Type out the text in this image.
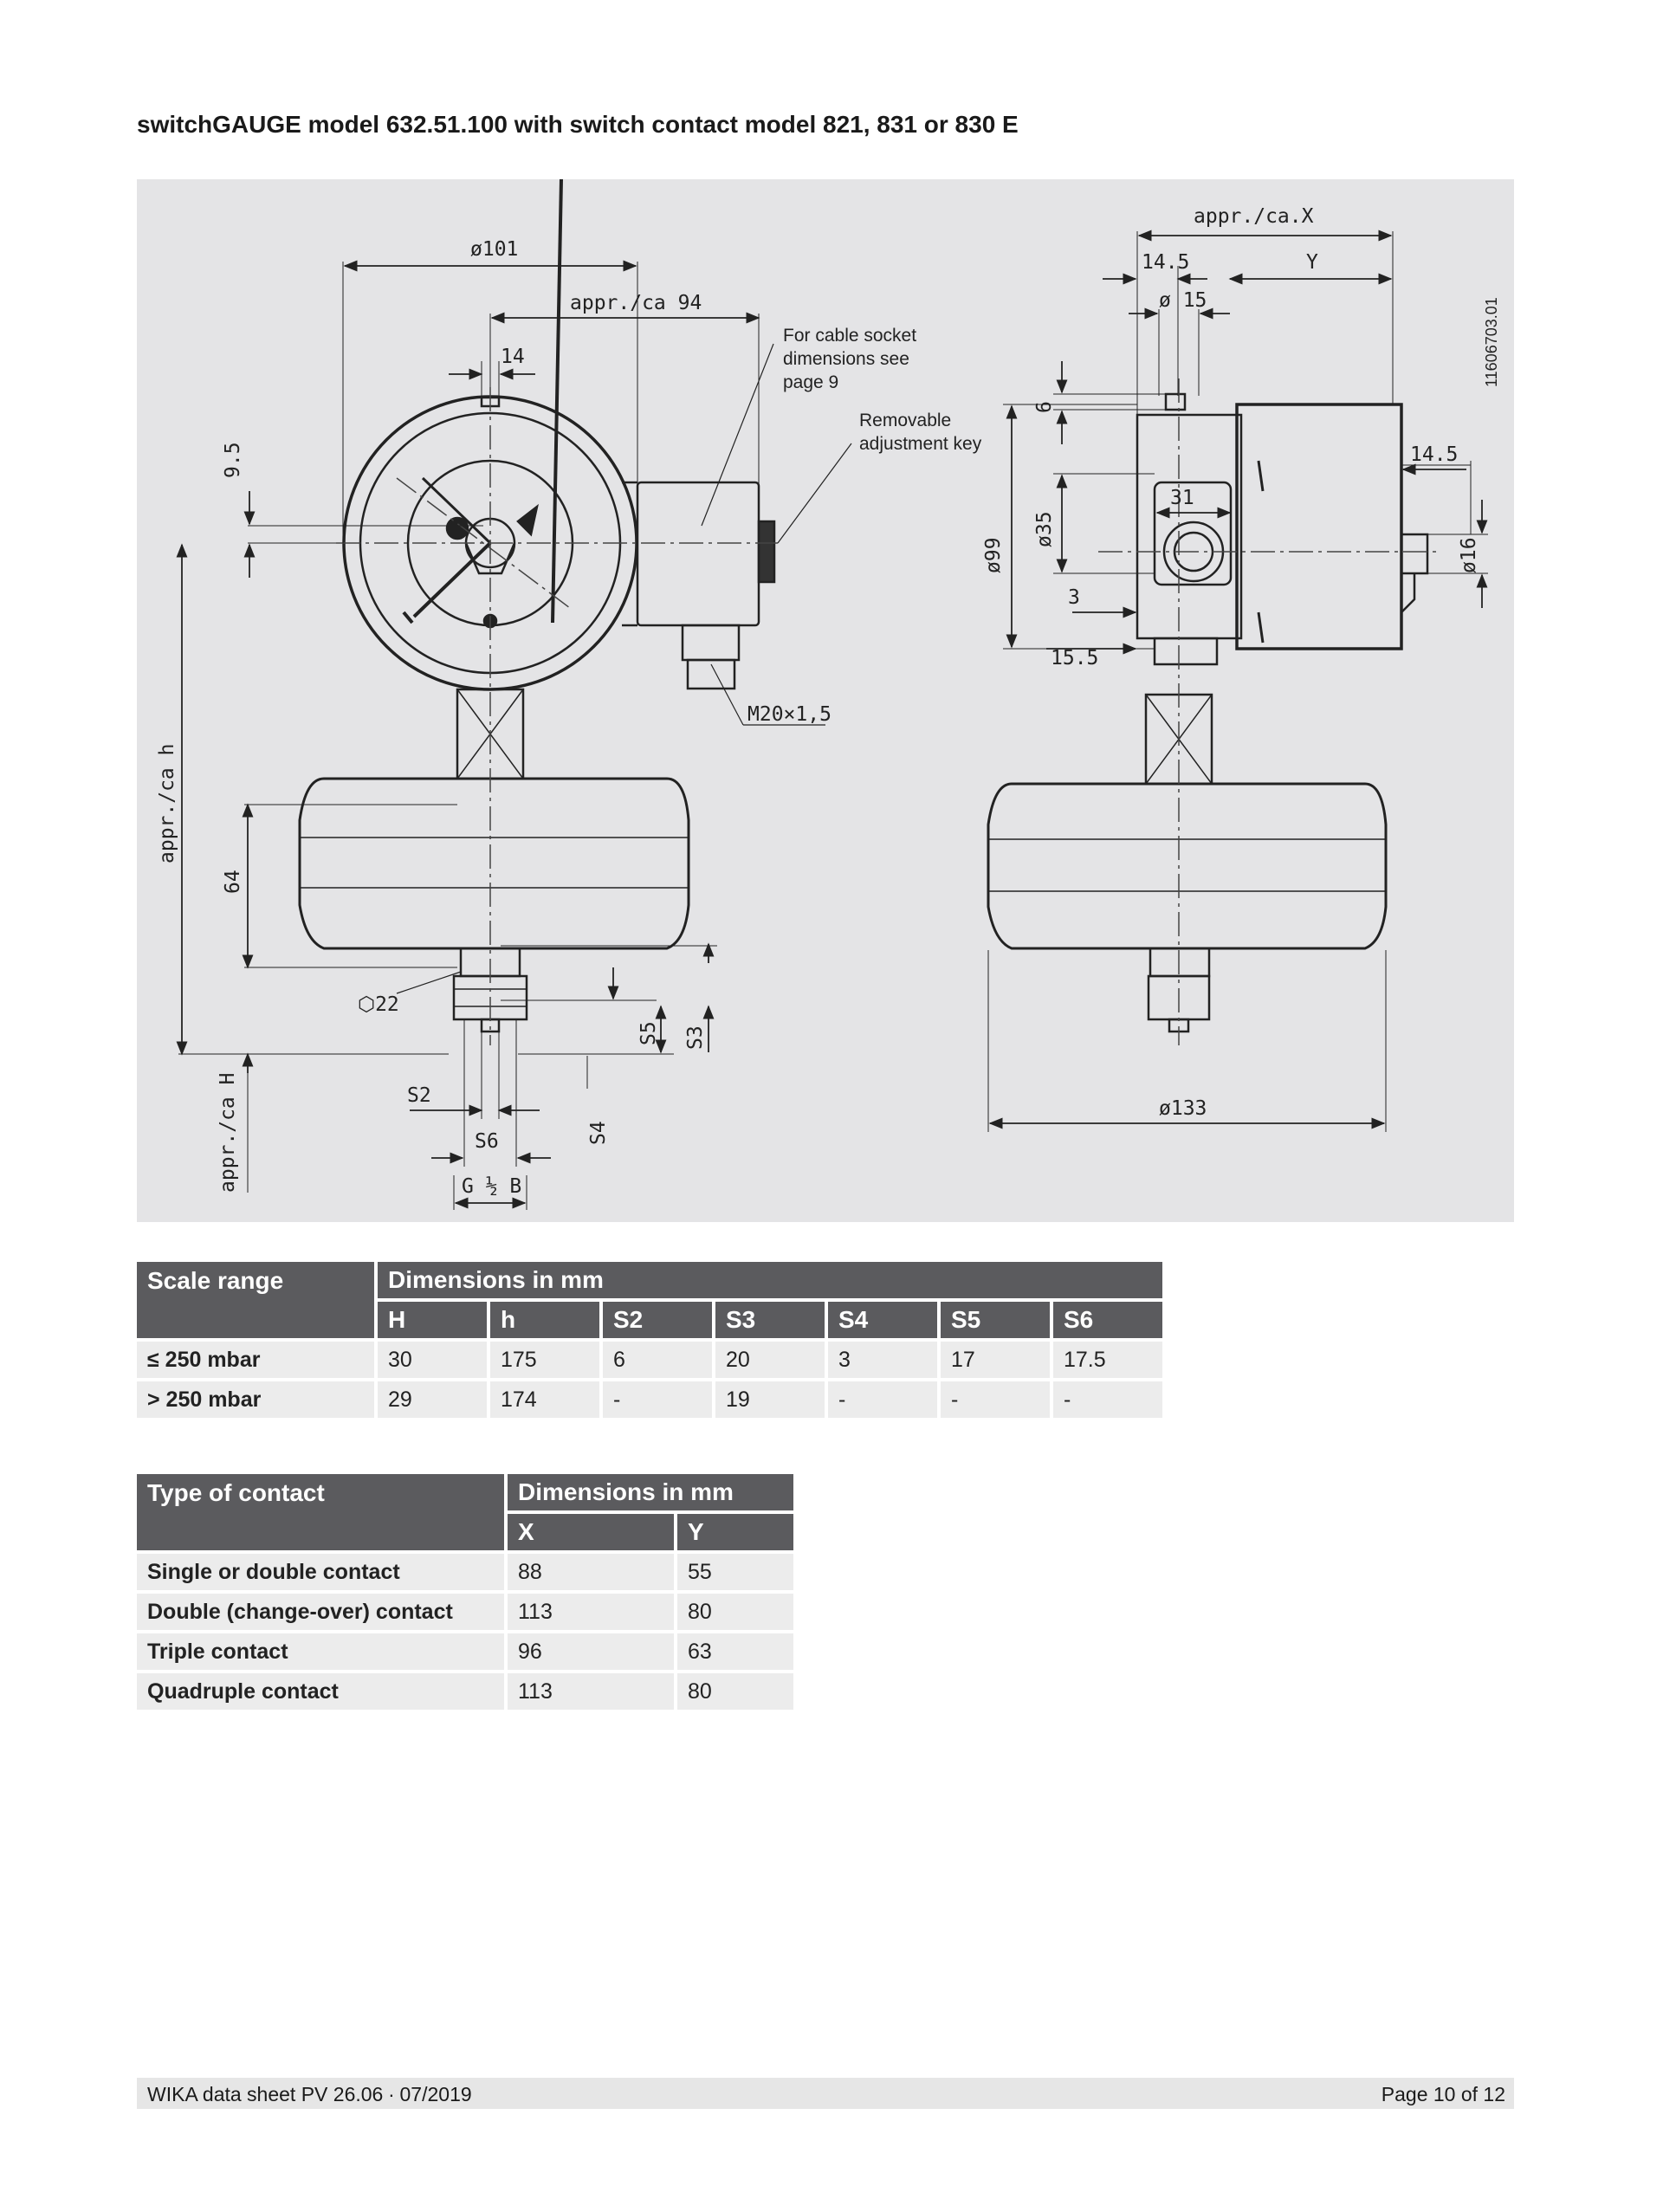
switchGAUGE model 632.51.100 with switch contact model 821, 831 or 830 E
ø101
appr./ca 94
14
9.5
appr./ca h
64
⬡22
S5 S3
S2
S4
S6
G ½ B
appr./ca H
M20×1,5
appr./ca.X
14.5	Y
ø 15
6
31
ø35
ø99
3
15.5
14.5
ø16
ø133
11606703.01
For cable socket
dimensions see
page 9
Removable
adjustment key
Scale range	Dimensions in mm						
	H	h	S2	S3	S4	S5	S6
≤ 250 mbar	30	175	6	20	3	17	17.5
> 250 mbar	29	174	-	19	-	-	-
Type of contact	Dimensions in mm	
	X	Y
Single or double contact	88	55
Double (change-over) contact	113	80
Triple contact	96	63
Quadruple contact	113	80
WIKA data sheet PV 26.06 ∙ 07/2019	Page 10 of 12
